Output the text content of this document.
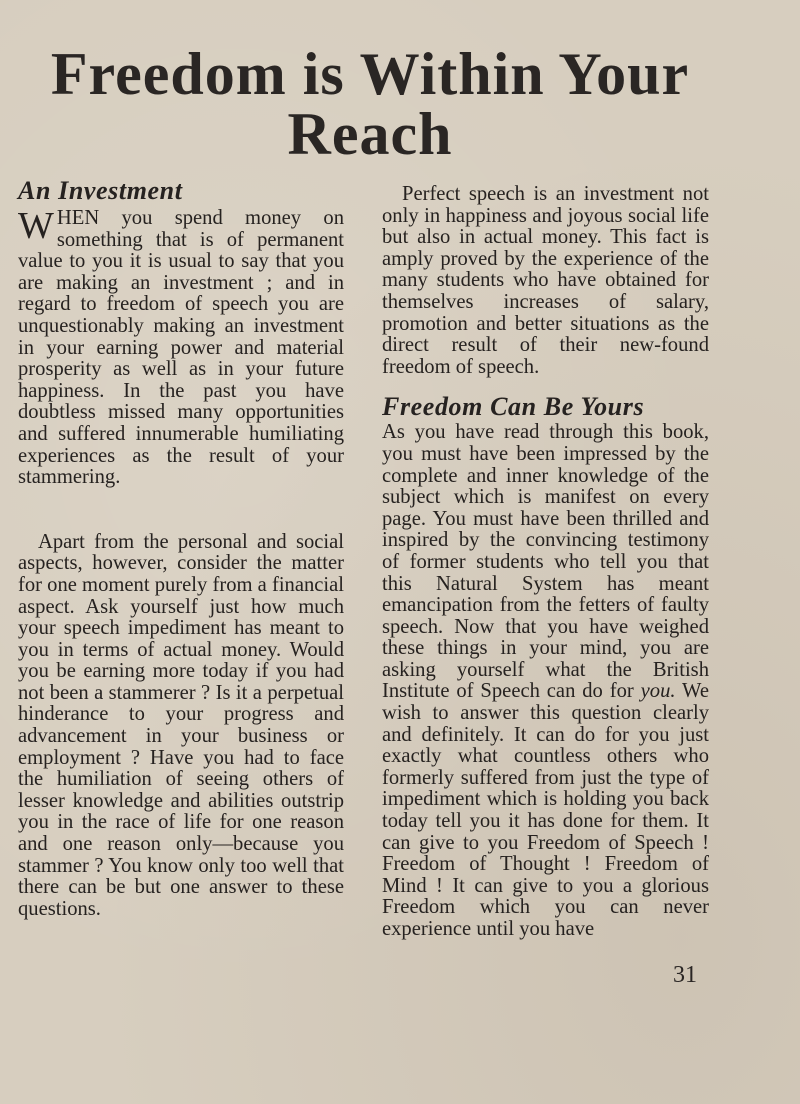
Freedom is Within Your Reach
An Investment

WHEN you spend money on something that is of permanent value to you it is usual to say that you are making an investment ; and in regard to freedom of speech you are unquestionably making an investment in your earning power and material prosperity as well as in your future happiness. In the past you have doubtless missed many opportunities and suffered innumerable humiliating experiences as the result of your stammering.

Apart from the personal and social aspects, however, consider the matter for one moment purely from a financial aspect. Ask yourself just how much your speech impediment has meant to you in terms of actual money. Would you be earning more today if you had not been a stammerer ? Is it a perpetual hinderance to your progress and advancement in your business or employment ? Have you had to face the humiliation of seeing others of lesser knowledge and abilities outstrip you in the race of life for one reason and one reason only—because you stammer ? You know only too well that there can be but one answer to these questions.

Perfect speech is an investment not only in happiness and joyous social life but also in actual money. This fact is amply proved by the experience of the many students who have obtained for themselves increases of salary, promotion and better situations as the direct result of their new-found freedom of speech.

Freedom Can Be Yours

As you have read through this book, you must have been impressed by the complete and inner knowledge of the subject which is manifest on every page. You must have been thrilled and inspired by the convincing testimony of former students who tell you that this Natural System has meant emancipation from the fetters of faulty speech. Now that you have weighed these things in your mind, you are asking yourself what the British Institute of Speech can do for you. We wish to answer this question clearly and definitely. It can do for you just exactly what countless others who formerly suffered from just the type of impediment which is holding you back today tell you it has done for them. It can give to you Freedom of Speech ! Freedom of Thought ! Freedom of Mind ! It can give to you a glorious Freedom which you can never experience until you have

31
